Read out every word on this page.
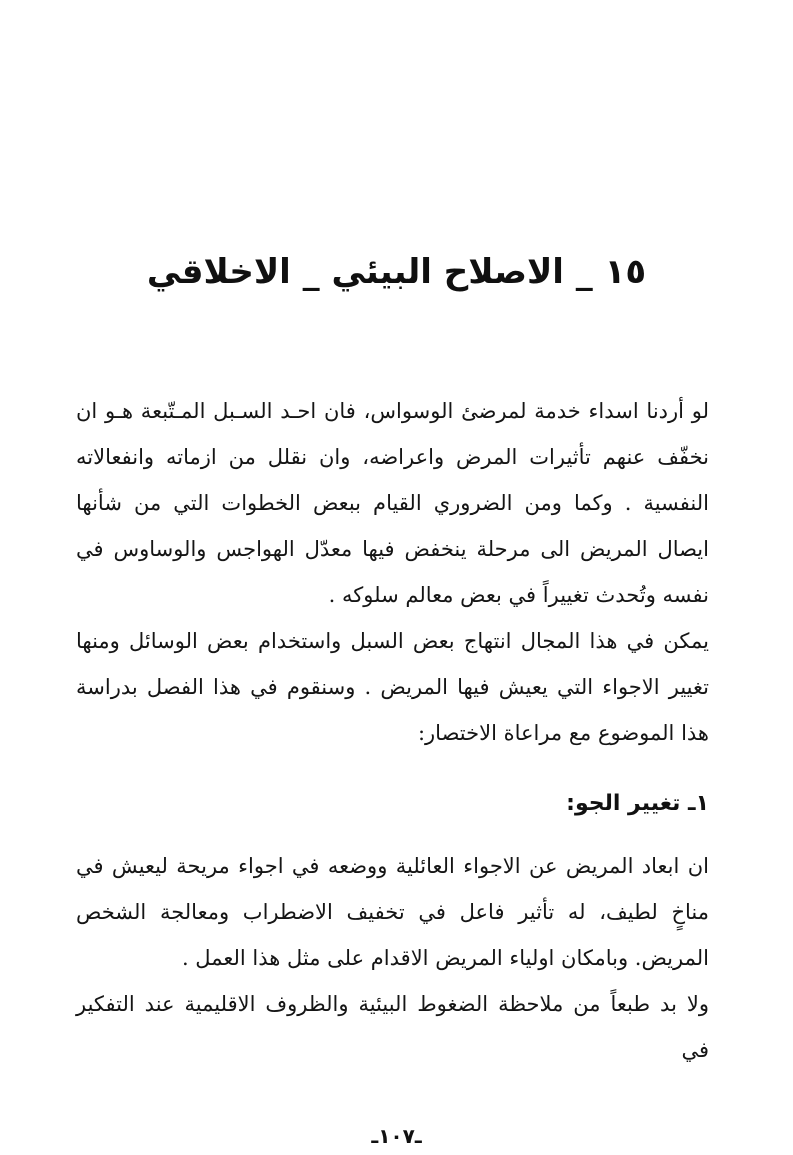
١٥ _ الاصلاح البيئي _ الاخلاقي

لو أردنا اسداء خدمة لمرضئ الوسواس، فان احـد السـبل المـتّبعة هـو ان نخفّف عنهم تأثيرات المرض واعراضه، وان نقلل من ازماته وانفعالاته النفسية . وكما ومن الضروري القيام ببعض الخطوات التي من شأنها ايصال المريض الى مرحلة ينخفض فيها معدّل الهواجس والوساوس في نفسه وتُحدث تغييراً في بعض معالم سلوكه .

يمكن في هذا المجال انتهاج بعض السبل واستخدام بعض الوسائل ومنها تغيير الاجواء التي يعيش فيها المريض . وسنقوم في هذا الفصل بدراسة هذا الموضوع مع مراعاة الاختصار:

١ـ تغيير الجو:

ان ابعاد المريض عن الاجواء العائلية ووضعه في اجواء مريحة ليعيش في مناخٍ لطيف، له تأثير فاعل في تخفيف الاضطراب ومعالجة الشخص المريض. وبامكان اولياء المريض الاقدام على مثل هذا العمل .

ولا بد طبعاً من ملاحظة الضغوط البيئية والظروف الاقليمية عند التفكير في

ـ١٠٧ـ
